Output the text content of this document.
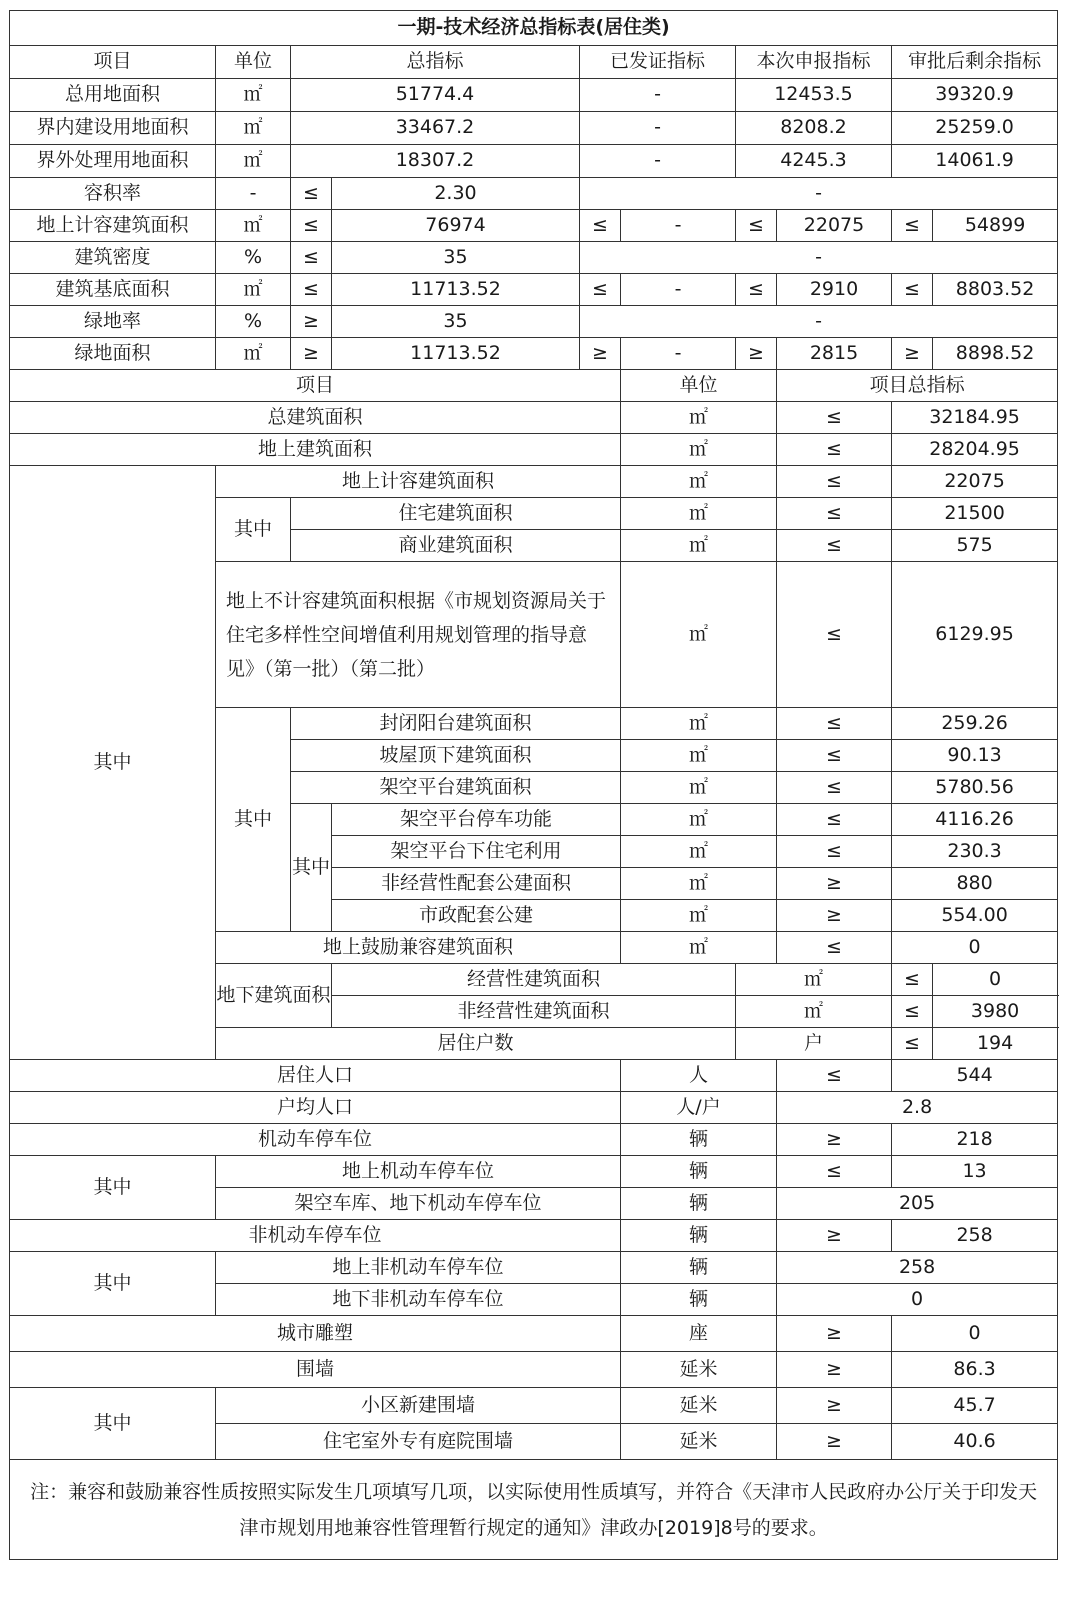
一期-技术经济总指标表(居住类)									
项目	单位	总指标		已发证指标		本次申报指标		审批后剩余指标	
总用地面积	㎡	51774.4		-		12453.5		39320.9	
界内建设用地面积	㎡	33467.2		-		8208.2		25259.0	
界外处理用地面积	㎡	18307.2		-		4245.3		14061.9	
容积率	-	≤	2.30	-					
地上计容建筑面积	㎡	≤	76974	≤	-	≤	22075	≤	54899
建筑密度	%	≤	35	-					
建筑基底面积	㎡	≤	11713.52	≤	-	≤	2910	≤	8803.52
绿地率	%	≥	35	-					
绿地面积	㎡	≥	11713.52	≥	-	≥	2815	≥	8898.52
项目					单位		项目总指标		
总建筑面积					㎡		≤	32184.95	
地上建筑面积					㎡		≤	28204.95	
其中	地上计容建筑面积				㎡		≤	22075	
	其中	住宅建筑面积			㎡		≤	21500	
		商业建筑面积			㎡		≤	575	
	地上不计容建筑面积根据《市规划资源局关于住宅多样性空间增值利用规划管理的指导意见》（第一批）（第二批）				㎡		≤	6129.95	
	其中	封闭阳台建筑面积			㎡		≤	259.26	
		坡屋顶下建筑面积			㎡		≤	90.13	
		架空平台建筑面积			㎡		≤	5780.56	
		其中	架空平台停车功能		㎡		≤	4116.26	
			架空平台下住宅利用		㎡		≤	230.3	
			非经营性配套公建面积		㎡		≥	880	
			市政配套公建		㎡		≥	554.00	
	地上鼓励兼容建筑面积				㎡		≤	0	
	地下建筑面积		经营性建筑面积			㎡		≤	0
			非经营性建筑面积			㎡		≤	3980
	居住户数					户		≤	194
居住人口					人		≤	544	
户均人口					人/户		2.8		
机动车停车位					辆		≥	218	
其中	地上机动车停车位				辆		≤	13	
	架空车库、地下机动车停车位				辆		205		
非机动车停车位					辆		≥	258	
其中	地上非机动车停车位				辆		258		
	地下非机动车停车位				辆		0		
城市雕塑					座		≥	0	
围墙					延米		≥	86.3	
其中	小区新建围墙				延米		≥	45.7	
	住宅室外专有庭院围墙				延米		≥	40.6	
注：兼容和鼓励兼容性质按照实际发生几项填写几项，以实际使用性质填写，并符合《天津市人民政府办公厅关于印发天津市规划用地兼容性管理暂行规定的通知》津政办[2019]8号的要求。									
